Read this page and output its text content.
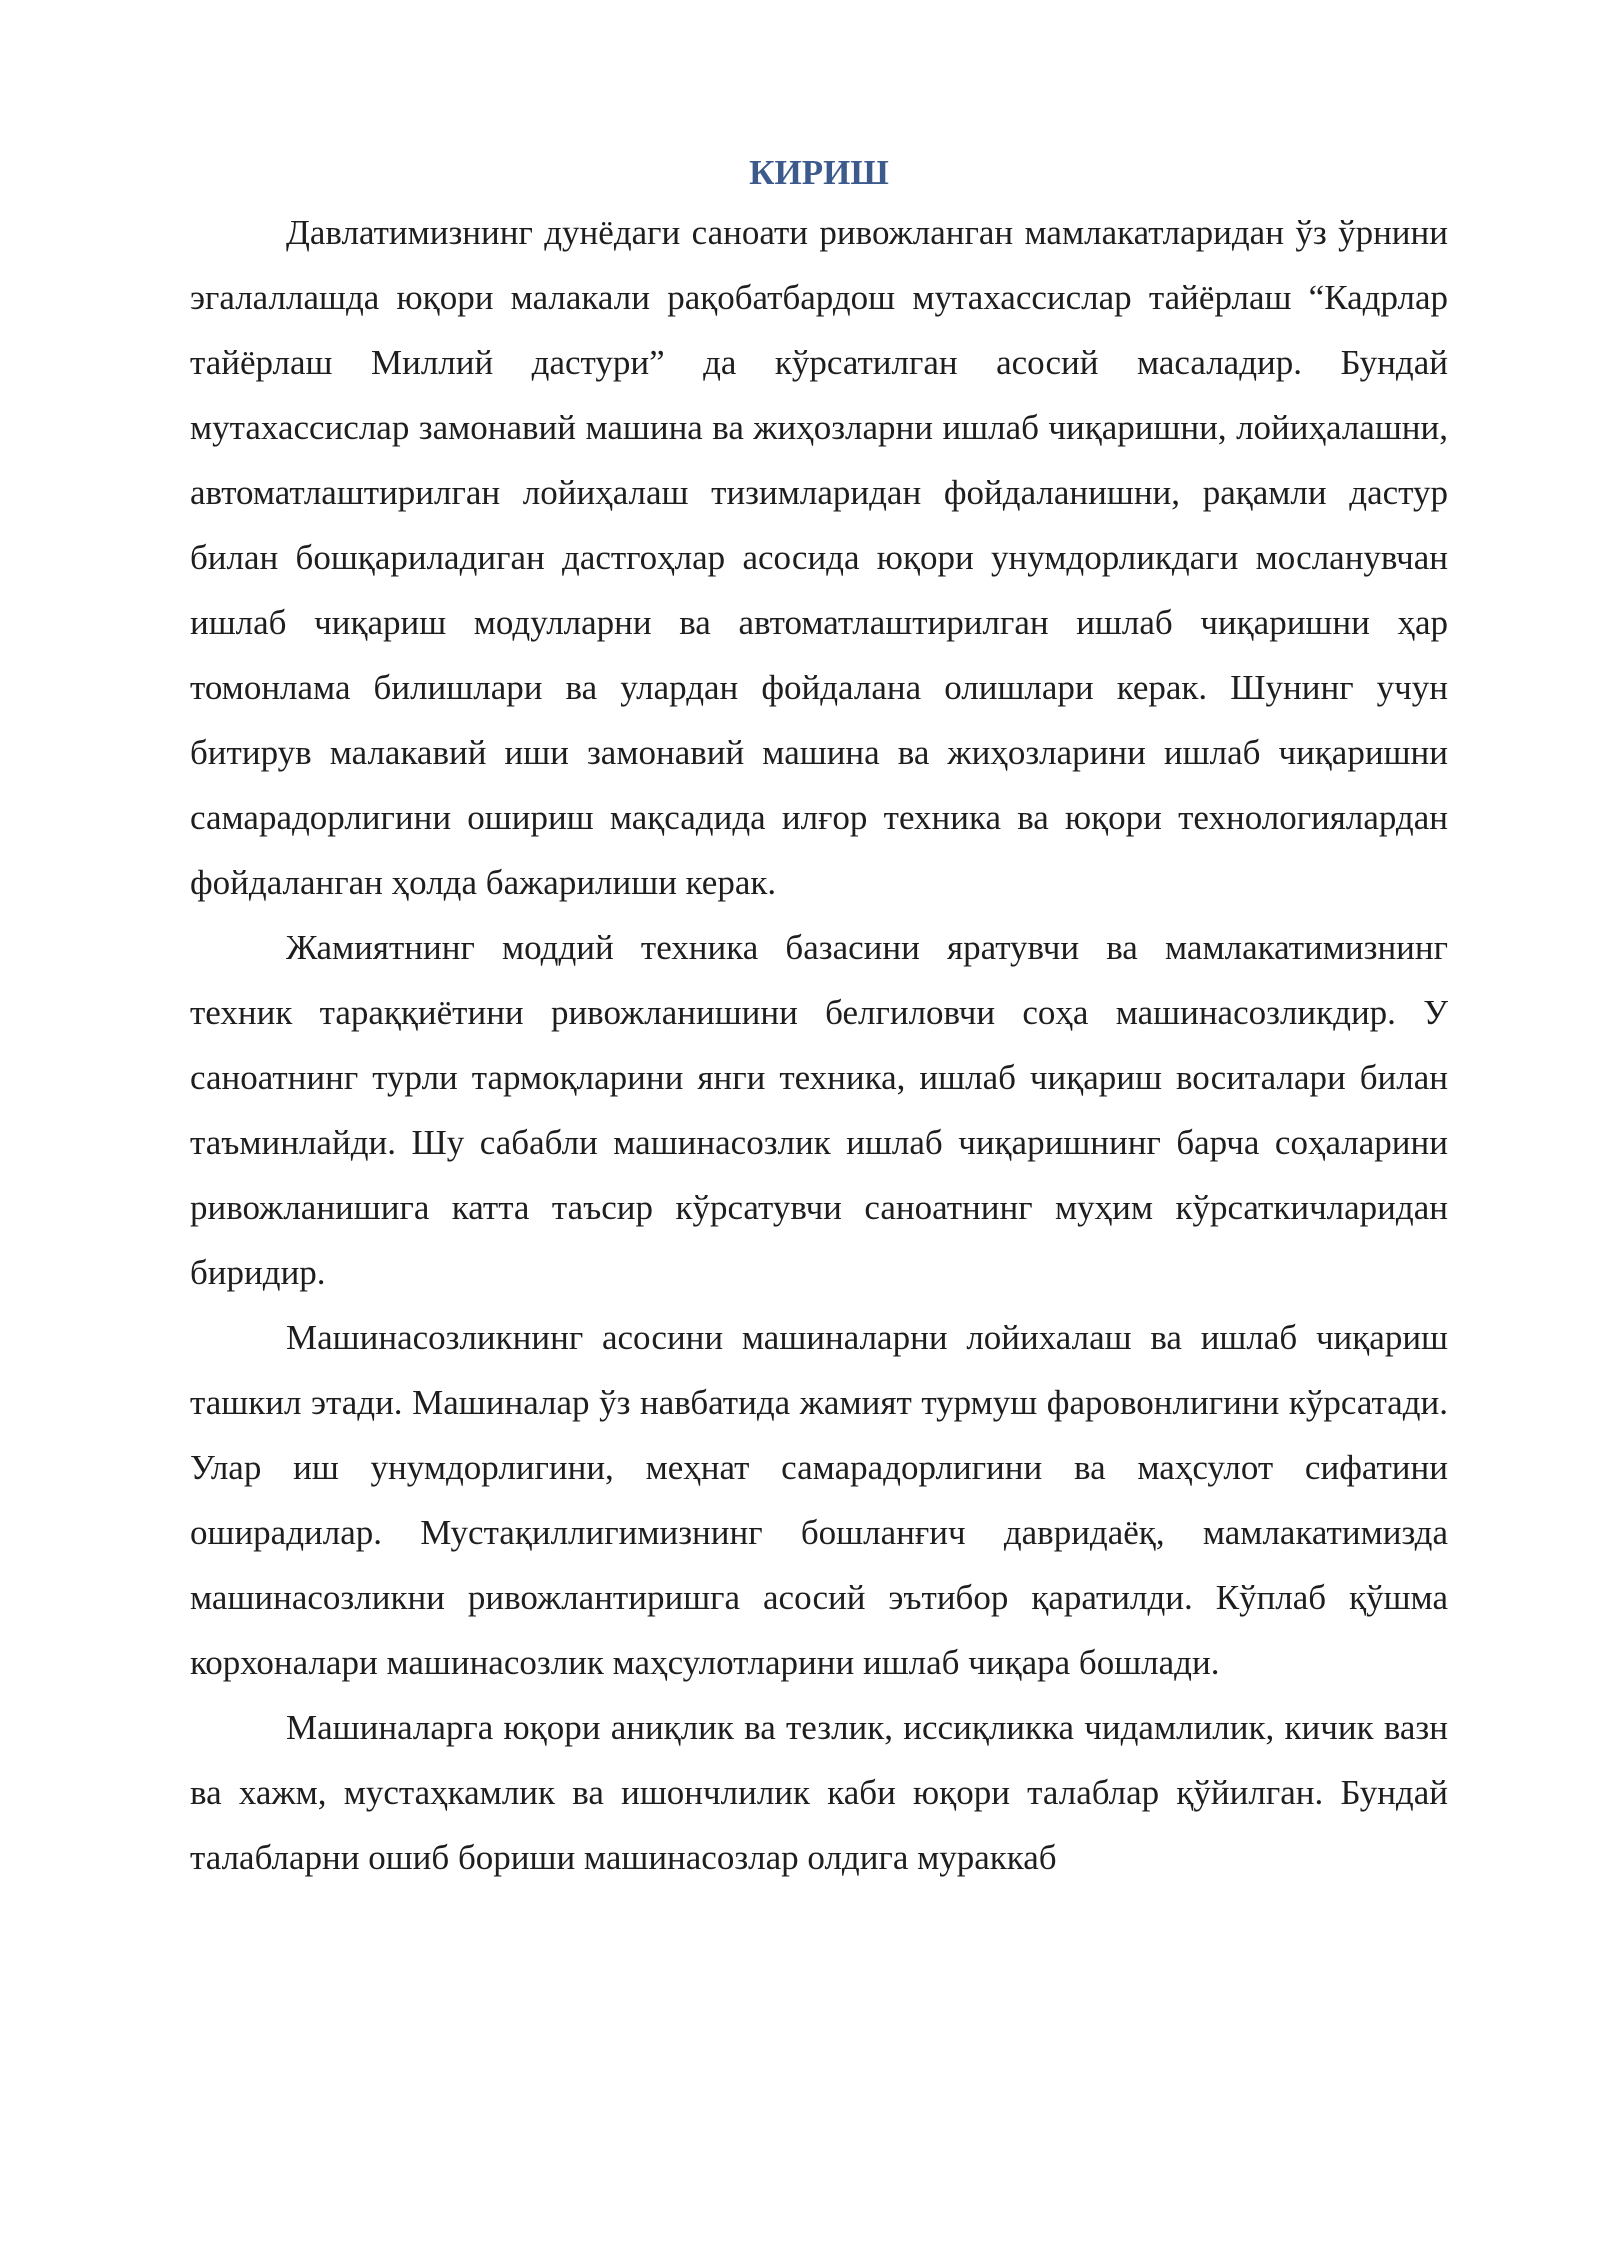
КИРИШ

Давлатимизнинг дунёдаги саноати ривожланган мамлакатларидан ўз ўрнини эгалаллашда юқори малакали рақобатбардош мутахассислар тайёрлаш “Кадрлар тайёрлаш Миллий дастури” да кўрсатилган асосий масаладир. Бундай мутахассислар замонавий машина ва жиҳозларни ишлаб чиқаришни, лойиҳалашни, автоматлаштирилган лойиҳалаш тизимларидан фойдаланишни, рақамли дастур билан бошқариладиган дастгоҳлар асосида юқори унумдорликдаги мосланувчан ишлаб чиқариш модулларни ва автоматлаштирилган ишлаб чиқаришни ҳар томонлама билишлари ва улардан фойдалана олишлари керак. Шунинг учун битирув малакавий иши замонавий машина ва жиҳозларини ишлаб чиқаришни самарадорлигини ошириш мақсадида илғор техника ва юқори технологиялардан фойдаланган ҳолда бажарилиши керак.

Жамиятнинг моддий техника базасини яратувчи ва мамлакатимизнинг техник тараққиётини ривожланишини белгиловчи соҳа машинасозликдир. У саноатнинг турли тармоқларини янги техника, ишлаб чиқариш воситалари билан таъминлайди. Шу сабабли машинасозлик ишлаб чиқаришнинг барча соҳаларини ривожланишига катта таъсир кўрсатувчи саноатнинг муҳим кўрсаткичларидан биридир.

Машинасозликнинг асосини машиналарни лойихалаш ва ишлаб чиқариш ташкил этади. Машиналар ўз навбатида жамият турмуш фаровонлигини кўрсатади. Улар иш унумдорлигини, меҳнат самарадорлигини ва маҳсулот сифатини оширадилар. Мустақиллигимизнинг бошланғич давридаёқ, мамлакатимизда машинасозликни ривожлантиришга асосий эътибор қаратилди. Кўплаб қўшма корхоналари машинасозлик маҳсулотларини ишлаб чиқара бошлади.

Машиналарга юқори аниқлик ва тезлик, иссиқликка чидамлилик, кичик вазн ва хажм, мустаҳкамлик ва ишончлилик каби юқори талаблар қўйилган. Бундай талабларни ошиб бориши машинасозлар олдига мураккаб
